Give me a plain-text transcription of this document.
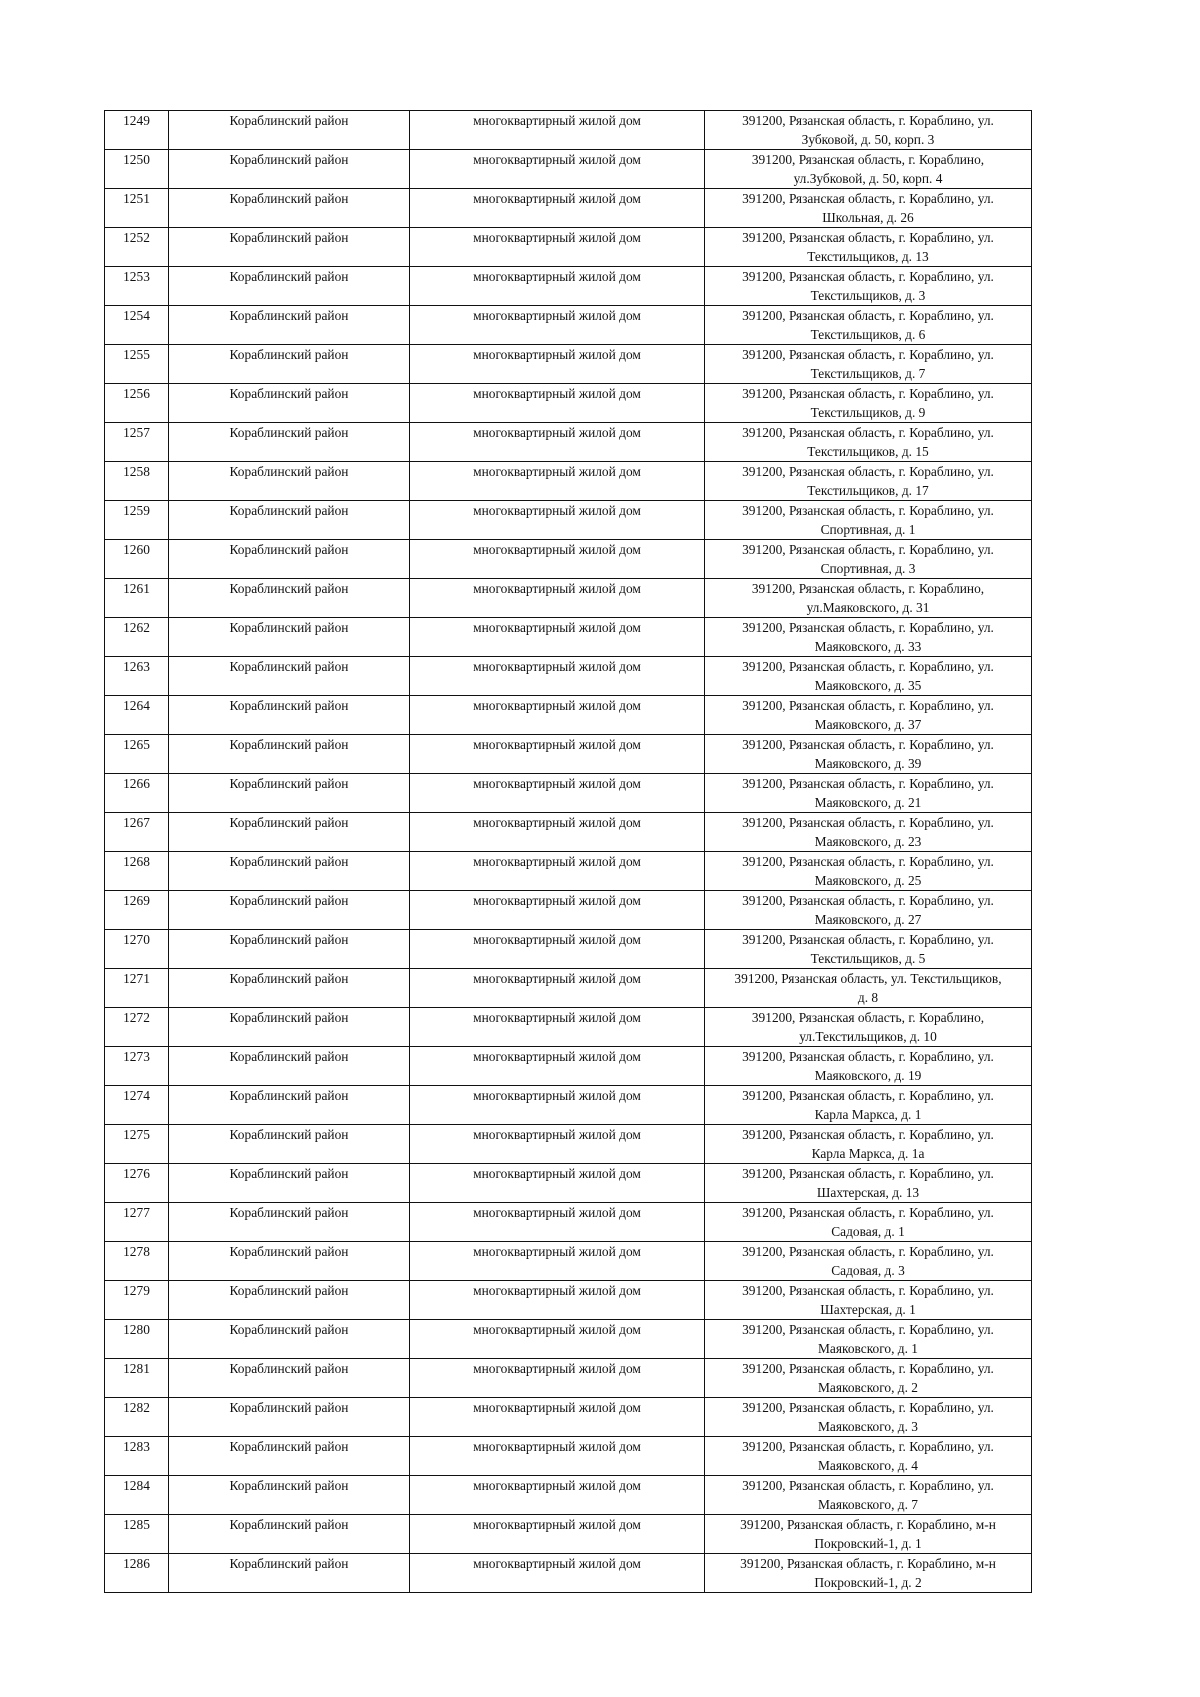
1249	Кораблинский район	многоквартирный жилой дом	391200, Рязанская область, г. Кораблино, ул.
Зубковой, д. 50, корп. 3

1250	Кораблинский район	многоквартирный жилой дом	391200, Рязанская область, г. Кораблино,
ул.Зубковой, д. 50, корп. 4

1251	Кораблинский район	многоквартирный жилой дом	391200, Рязанская область, г. Кораблино, ул.
Школьная, д. 26

1252	Кораблинский район	многоквартирный жилой дом	391200, Рязанская область, г. Кораблино, ул.
Текстильщиков, д. 13

1253	Кораблинский район	многоквартирный жилой дом	391200, Рязанская область, г. Кораблино, ул.
Текстильщиков, д. 3

1254	Кораблинский район	многоквартирный жилой дом	391200, Рязанская область, г. Кораблино, ул.
Текстильщиков, д. 6

1255	Кораблинский район	многоквартирный жилой дом	391200, Рязанская область, г. Кораблино, ул.
Текстильщиков, д. 7

1256	Кораблинский район	многоквартирный жилой дом	391200, Рязанская область, г. Кораблино, ул.
Текстильщиков, д. 9

1257	Кораблинский район	многоквартирный жилой дом	391200, Рязанская область, г. Кораблино, ул.
Текстильщиков, д. 15

1258	Кораблинский район	многоквартирный жилой дом	391200, Рязанская область, г. Кораблино, ул.
Текстильщиков, д. 17

1259	Кораблинский район	многоквартирный жилой дом	391200, Рязанская область, г. Кораблино, ул.
Спортивная, д. 1

1260	Кораблинский район	многоквартирный жилой дом	391200, Рязанская область, г. Кораблино, ул.
Спортивная, д. 3

1261	Кораблинский район	многоквартирный жилой дом	391200, Рязанская область, г. Кораблино,
ул.Маяковского, д. 31

1262	Кораблинский район	многоквартирный жилой дом	391200, Рязанская область, г. Кораблино, ул.
Маяковского, д. 33

1263	Кораблинский район	многоквартирный жилой дом	391200, Рязанская область, г. Кораблино, ул.
Маяковского, д. 35

1264	Кораблинский район	многоквартирный жилой дом	391200, Рязанская область, г. Кораблино, ул.
Маяковского, д. 37

1265	Кораблинский район	многоквартирный жилой дом	391200, Рязанская область, г. Кораблино, ул.
Маяковского, д. 39

1266	Кораблинский район	многоквартирный жилой дом	391200, Рязанская область, г. Кораблино, ул.
Маяковского, д. 21

1267	Кораблинский район	многоквартирный жилой дом	391200, Рязанская область, г. Кораблино, ул.
Маяковского, д. 23

1268	Кораблинский район	многоквартирный жилой дом	391200, Рязанская область, г. Кораблино, ул.
Маяковского, д. 25

1269	Кораблинский район	многоквартирный жилой дом	391200, Рязанская область, г. Кораблино, ул.
Маяковского, д. 27

1270	Кораблинский район	многоквартирный жилой дом	391200, Рязанская область, г. Кораблино, ул.
Текстильщиков, д. 5

1271	Кораблинский район	многоквартирный жилой дом	391200, Рязанская область, ул. Текстильщиков,
д. 8

1272	Кораблинский район	многоквартирный жилой дом	391200, Рязанская область, г. Кораблино,
ул.Текстильщиков, д. 10

1273	Кораблинский район	многоквартирный жилой дом	391200, Рязанская область, г. Кораблино, ул.
Маяковского, д. 19

1274	Кораблинский район	многоквартирный жилой дом	391200, Рязанская область, г. Кораблино, ул.
Карла Маркса, д. 1

1275	Кораблинский район	многоквартирный жилой дом	391200, Рязанская область, г. Кораблино, ул.
Карла Маркса, д. 1а

1276	Кораблинский район	многоквартирный жилой дом	391200, Рязанская область, г. Кораблино, ул.
Шахтерская, д. 13

1277	Кораблинский район	многоквартирный жилой дом	391200, Рязанская область, г. Кораблино, ул.
Садовая, д. 1

1278	Кораблинский район	многоквартирный жилой дом	391200, Рязанская область, г. Кораблино, ул.
Садовая, д. 3

1279	Кораблинский район	многоквартирный жилой дом	391200, Рязанская область, г. Кораблино, ул.
Шахтерская, д. 1

1280	Кораблинский район	многоквартирный жилой дом	391200, Рязанская область, г. Кораблино, ул.
Маяковского, д. 1

1281	Кораблинский район	многоквартирный жилой дом	391200, Рязанская область, г. Кораблино, ул.
Маяковского, д. 2

1282	Кораблинский район	многоквартирный жилой дом	391200, Рязанская область, г. Кораблино, ул.
Маяковского, д. 3

1283	Кораблинский район	многоквартирный жилой дом	391200, Рязанская область, г. Кораблино, ул.
Маяковского, д. 4

1284	Кораблинский район	многоквартирный жилой дом	391200, Рязанская область, г. Кораблино, ул.
Маяковского, д. 7

1285	Кораблинский район	многоквартирный жилой дом	391200, Рязанская область, г. Кораблино, м-н
Покровский-1, д. 1

1286	Кораблинский район	многоквартирный жилой дом	391200, Рязанская область, г. Кораблино, м-н
Покровский-1, д. 2
